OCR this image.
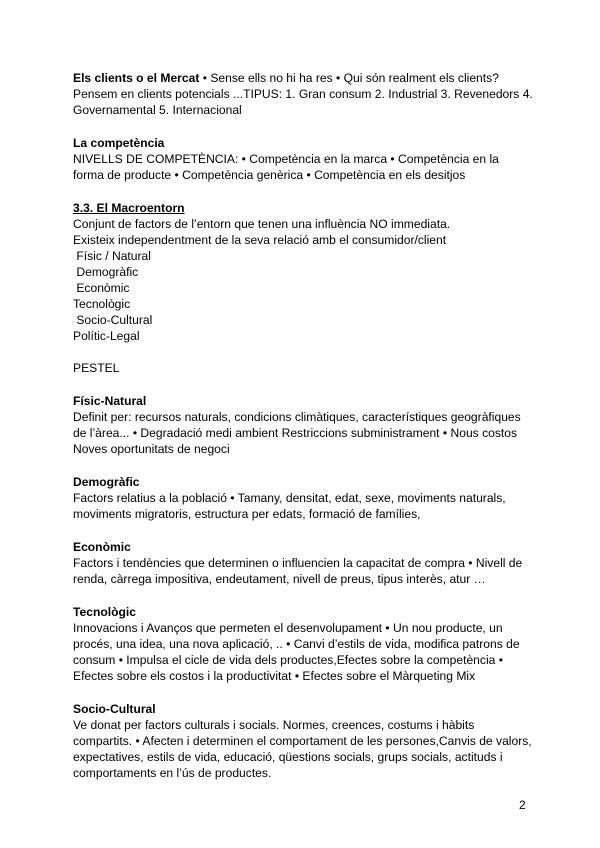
Els clients o el Mercat • Sense ells no hi ha res • Qui són realment els clients? Pensem en clients potencials ...TIPUS: 1. Gran consum 2. Industrial 3. Revenedors 4. Governamental 5. Internacional

La competència

NIVELLS DE COMPETÈNCIA: • Competència en la marca • Competència en la forma de producte • Competència genèrica • Competència en els desitjos

3.3. El Macroentorn

Conjunt de factors de l’entorn que tenen una influència NO immediata.

Existeix independentment de la seva relació amb el consumidor/client

Físic / Natural

Demogràfic

Econòmic

Tecnològic

Socio-Cultural

Polític-Legal

PESTEL

Físic-Natural

Definit per: recursos naturals, condicions climàtiques, característiques geogràfiques de l’àrea... • Degradació medi ambient Restriccions subministrament • Nous costos Noves oportunitats de negoci

Demogràfic

Factors relatius a la població • Tamany, densitat, edat, sexe, moviments naturals, moviments migratoris, estructura per edats, formació de famílies,

Econòmic

Factors i tendències que determinen o influencien la capacitat de compra • Nivell de renda, càrrega impositiva, endeutament, nivell de preus, tipus interès, atur …

Tecnològic

Innovacions i Avanços que permeten el desenvolupament • Un nou producte, un procés, una idea, una nova aplicació, .. • Canvi d’estils de vida, modifica patrons de consum • Impulsa el cicle de vida dels productes,Efectes sobre la competència • Efectes sobre els costos i la productivitat • Efectes sobre el Màrqueting Mix

Socio-Cultural

Ve donat per factors culturals i socials. Normes, creences, costums i hàbits compartits. • Afecten i determinen el comportament de les persones,Canvis de valors, expectatives, estils de vida, educació, qüestions socials, grups socials, actituds i comportaments en l’ús de productes.

2
